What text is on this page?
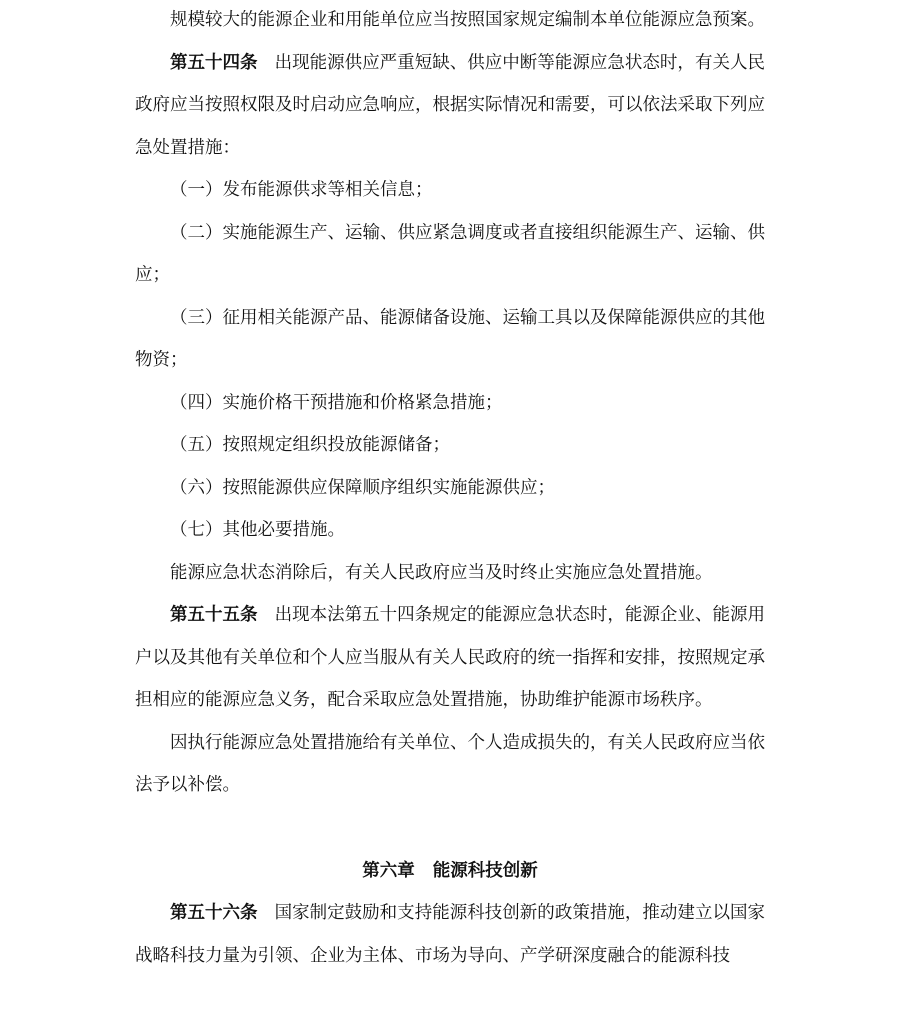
规模较大的能源企业和用能单位应当按照国家规定编制本单位能源应急预案。

第五十四条 出现能源供应严重短缺、供应中断等能源应急状态时，有关人民政府应当按照权限及时启动应急响应，根据实际情况和需要，可以依法采取下列应急处置措施：

（一）发布能源供求等相关信息；

（二）实施能源生产、运输、供应紧急调度或者直接组织能源生产、运输、供应；

（三）征用相关能源产品、能源储备设施、运输工具以及保障能源供应的其他物资；

（四）实施价格干预措施和价格紧急措施；

（五）按照规定组织投放能源储备；

（六）按照能源供应保障顺序组织实施能源供应；

（七）其他必要措施。

能源应急状态消除后，有关人民政府应当及时终止实施应急处置措施。

第五十五条 出现本法第五十四条规定的能源应急状态时，能源企业、能源用户以及其他有关单位和个人应当服从有关人民政府的统一指挥和安排，按照规定承担相应的能源应急义务，配合采取应急处置措施，协助维护能源市场秩序。

因执行能源应急处置措施给有关单位、个人造成损失的，有关人民政府应当依法予以补偿。

第六章 能源科技创新

第五十六条 国家制定鼓励和支持能源科技创新的政策措施，推动建立以国家战略科技力量为引领、企业为主体、市场为导向、产学研深度融合的能源科技
